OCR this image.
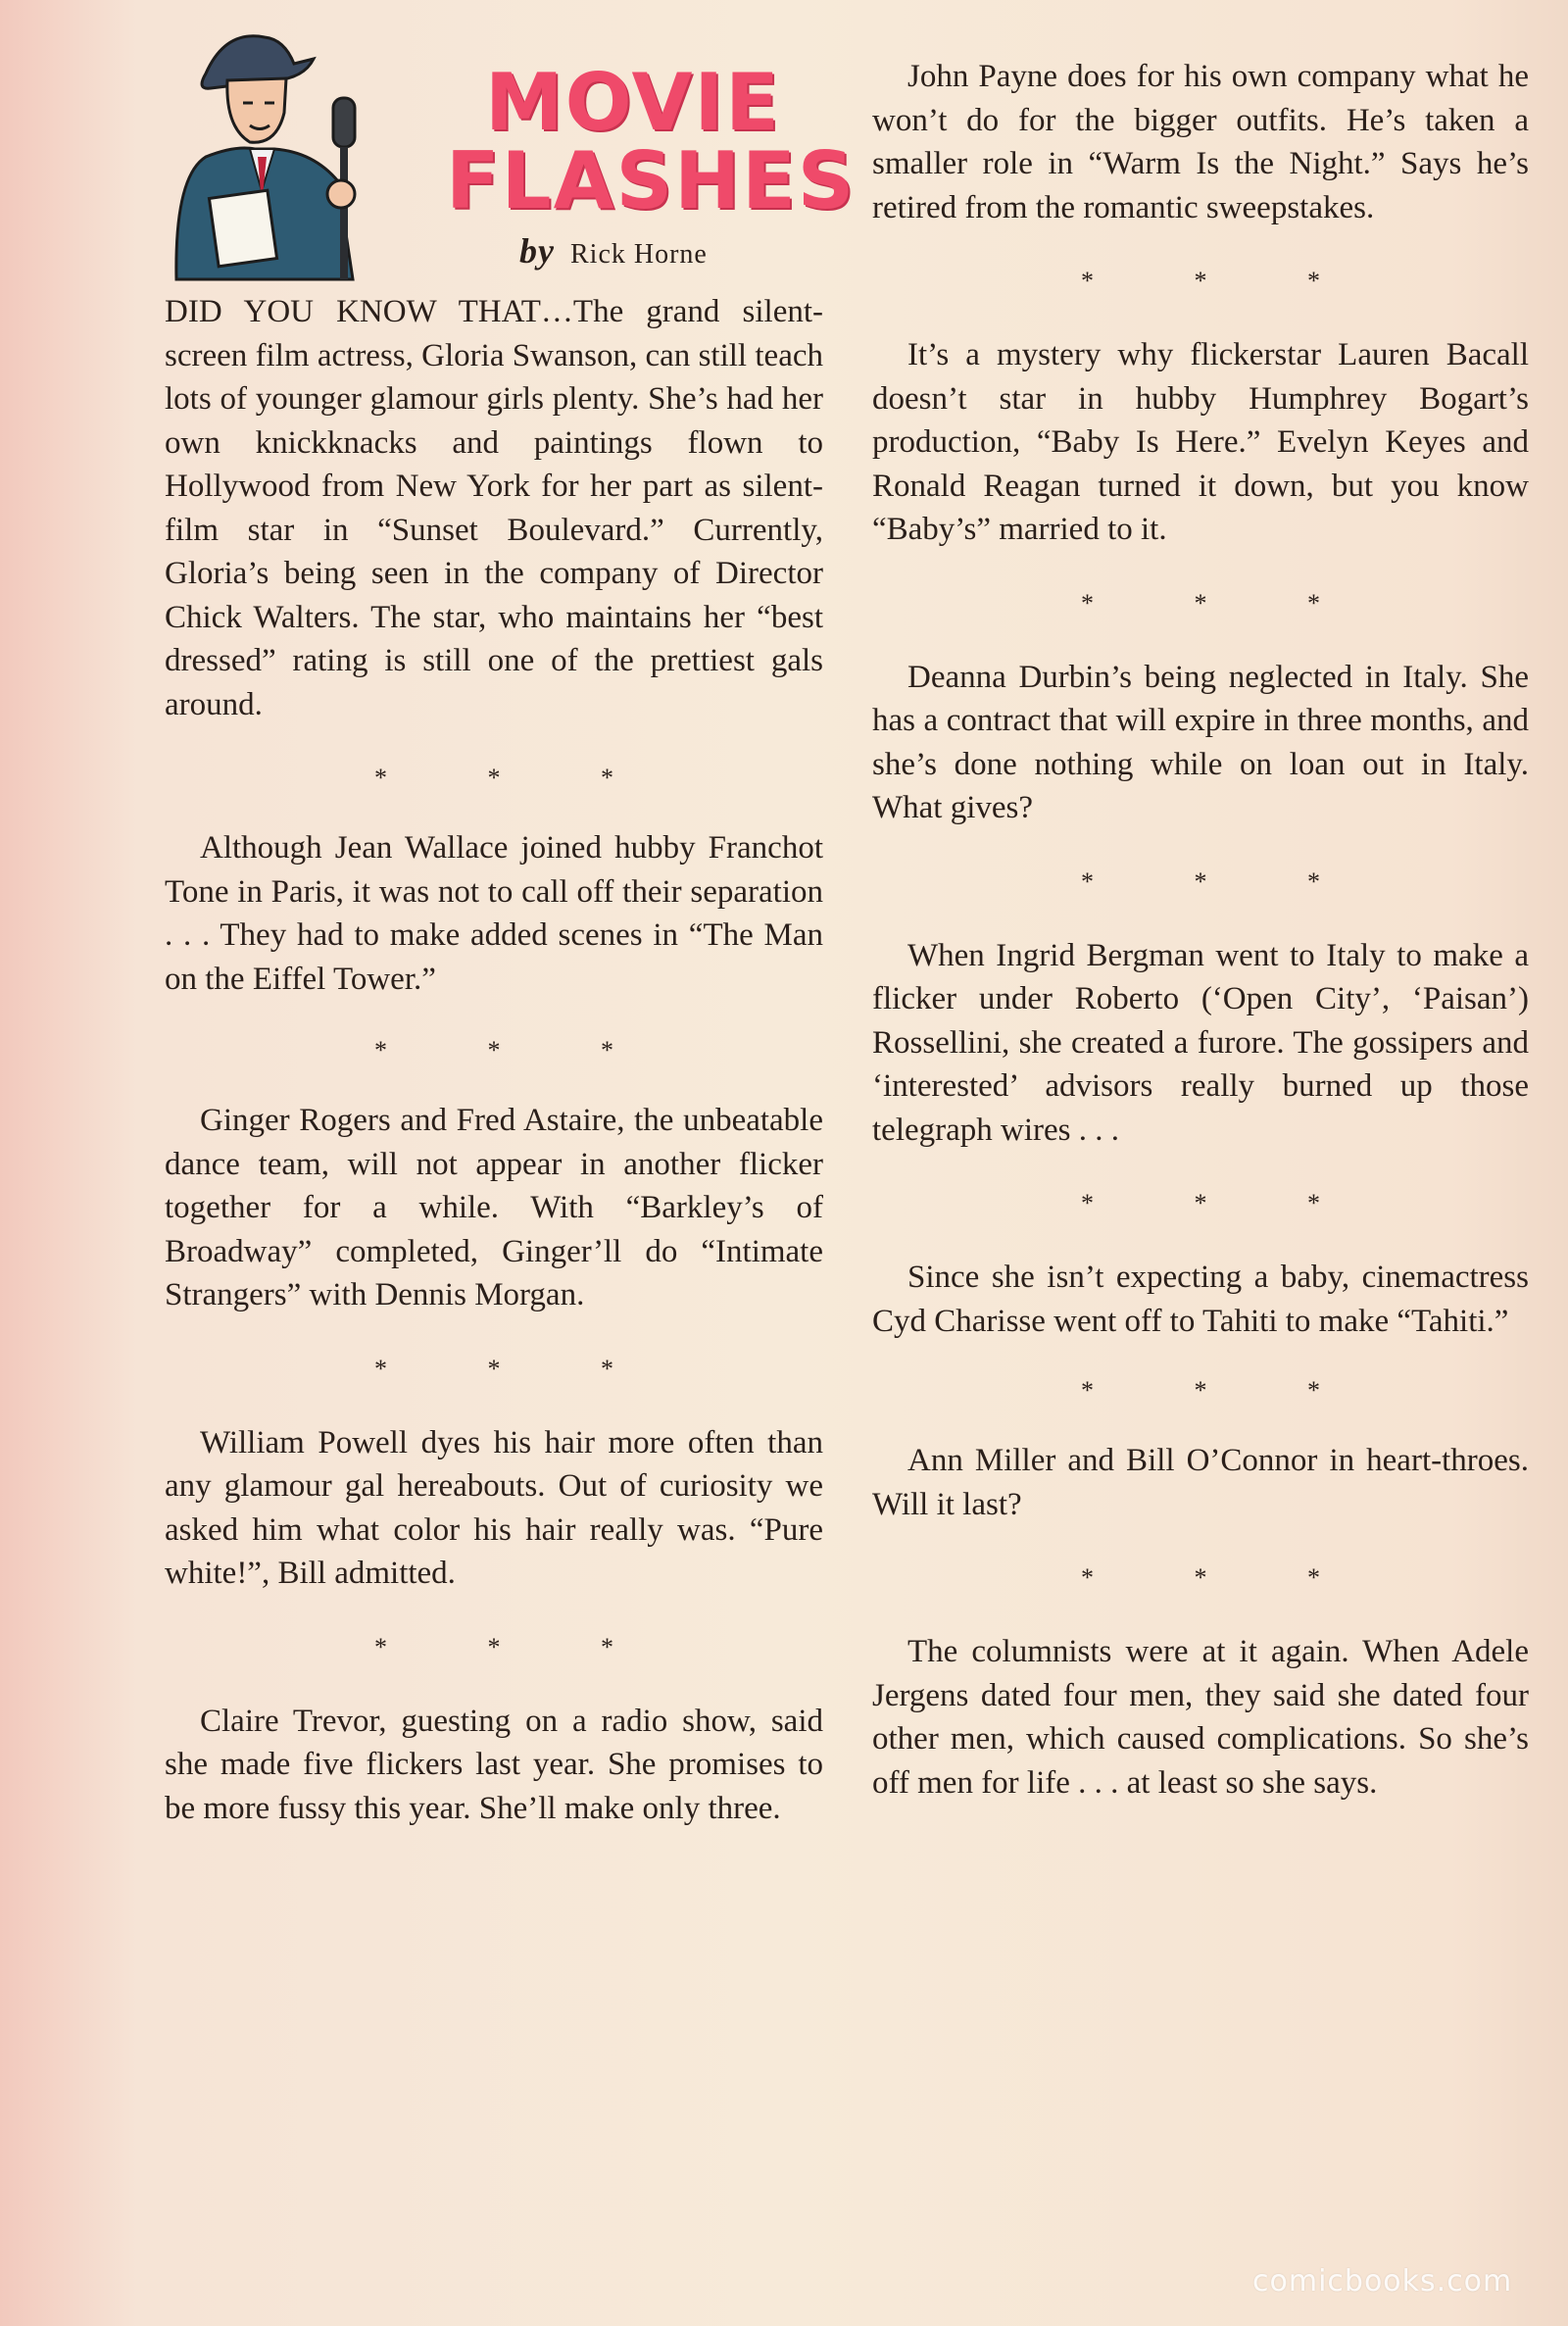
MOVIE
FLASHES
by Rick Horne

DID YOU KNOW THAT…The grand silent-screen film actress, Gloria Swanson, can still teach lots of younger glamour girls plenty. She’s had her own knickknacks and paintings flown to Hollywood from New York for her part as silent-film star in “Sunset Boulevard.” Currently, Gloria’s being seen in the company of Director Chick Walters. The star, who maintains her “best dressed” rating is still one of the prettiest gals around.

* * *

Although Jean Wallace joined hubby Franchot Tone in Paris, it was not to call off their separation . . . They had to make added scenes in “The Man on the Eiffel Tower.”

* * *

Ginger Rogers and Fred Astaire, the unbeatable dance team, will not appear in another flicker together for a while. With “Barkley’s of Broadway” completed, Ginger’ll do “Intimate Strangers” with Dennis Morgan.

* * *

William Powell dyes his hair more often than any glamour gal hereabouts. Out of curiosity we asked him what color his hair really was. “Pure white!”, Bill admitted.

* * *

Claire Trevor, guesting on a radio show, said she made five flickers last year. She promises to be more fussy this year. She’ll make only three.

John Payne does for his own company what he won’t do for the bigger outfits. He’s taken a smaller role in “Warm Is the Night.” Says he’s retired from the romantic sweepstakes.

* * *

It’s a mystery why flickerstar Lauren Bacall doesn’t star in hubby Humphrey Bogart’s production, “Baby Is Here.” Evelyn Keyes and Ronald Reagan turned it down, but you know “Baby’s” married to it.

* * *

Deanna Durbin’s being neglected in Italy. She has a contract that will expire in three months, and she’s done nothing while on loan out in Italy. What gives?

* * *

When Ingrid Bergman went to Italy to make a flicker under Roberto (‘Open City’, ‘Paisan’) Rossellini, she created a furore. The gossipers and ‘interested’ advisors really burned up those telegraph wires . . .

* * *

Since she isn’t expecting a baby, cinemactress Cyd Charisse went off to Tahiti to make “Tahiti.”

* * *

Ann Miller and Bill O’Connor in heart-throes. Will it last?

* * *

The columnists were at it again. When Adele Jergens dated four men, they said she dated four other men, which caused complications. So she’s off men for life . . . at least so she says.

comicbooks.com
